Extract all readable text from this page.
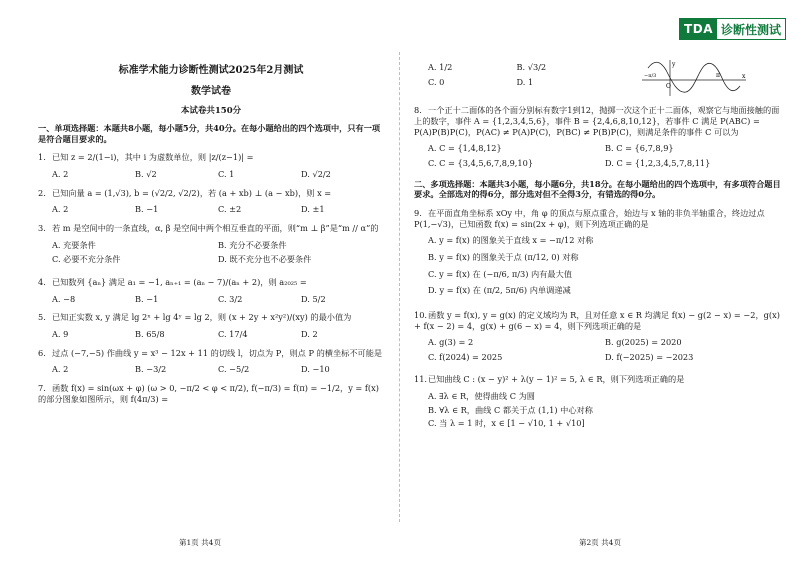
TDA 诊断性测试
标准学术能力诊断性测试2025年2月测试
数学试卷
本试卷共150分
一、单项选择题：本题共8小题，每小题5分，共40分。在每小题给出的四个选项中，只有一项是符合题目要求的。
1. 已知 z = 2/(1−i)，其中 i 为虚数单位，则 |z/(z−1)| =
A. 2	B. √2	C. 1	D. √2/2
2. 已知向量 a = (1,√3), b = (√2/2, √2/2)，若 (a + xb) ⊥ (a − xb)，则 x =
A. 2	B. −1	C. ±2	D. ±1
3. 若 m 是空间中的一条直线，α, β 是空间中两个相互垂直的平面，则“m ⊥ β”是“m // α”的
A. 充要条件	B. 充分不必要条件
C. 必要不充分条件	D. 既不充分也不必要条件
4. 已知数列 {aₙ} 满足 a₁ = −1, aₙ₊₁ = (aₙ − 7)/(aₙ + 2)，则 a₂₀₂₅ =
A. −8	B. −1	C. 3/2	D. 5/2
5. 已知正实数 x, y 满足 lg 2ˣ + lg 4ʸ = lg 2，则 (x + 2y + x²y²)/(xy) 的最小值为
A. 9	B. 65/8	C. 17/4	D. 2
6. 过点 (−7,−5) 作曲线 y = x³ − 12x + 11 的切线 l，切点为 P，则点 P 的横坐标不可能是
A. 2	B. −3/2	C. −5/2	D. −10
7. 函数 f(x) = sin(ωx + φ) (ω > 0, −π/2 < φ < π/2), f(−π/3) = f(π) = −1/2，y = f(x) 的部分图象如图所示，则 f(4π/3) =
第1页 共4页
A. 1/2	B. √3/2
C. 0	D. 1	O
y
x
π
−π/3
8. 一个正十二面体的各个面分别标有数字1到12，抛掷一次这个正十二面体，观察它与地面接触的面上的数字，事件 A = {1,2,3,4,5,6}，事件 B = {2,4,6,8,10,12}，若事件 C 满足 P(ABC) = P(A)P(B)P(C)，P(AC) ≠ P(A)P(C)，P(BC) ≠ P(B)P(C)，则满足条件的事件 C 可以为
A. C = {1,4,8,12}	B. C = {6,7,8,9}
C. C = {3,4,5,6,7,8,9,10}	D. C = {1,2,3,4,5,7,8,11}
二、多项选择题：本题共3小题，每小题6分，共18分。在每小题给出的四个选项中，有多项符合题目要求。全部选对的得6分，部分选对但不全得3分，有错选的得0分。
9. 在平面直角坐标系 xOy 中，角 φ 的顶点与原点重合，始边与 x 轴的非负半轴重合，终边过点 P(1,−√3)，已知函数 f(x) = sin(2x + φ)，则下列选项正确的是
A. y = f(x) 的图象关于直线 x = −π/12 对称
B. y = f(x) 的图象关于点 (π/12, 0) 对称
C. y = f(x) 在 (−π/6, π/3) 内有最大值
D. y = f(x) 在 (π/2, 5π/6) 内单调递减
10.函数 y = f(x), y = g(x) 的定义域均为 R，且对任意 x ∈ R 均满足 f(x) − g(2 − x) = −2，g(x) + f(x − 2) = 4，g(x) + g(6 − x) = 4，则下列选项正确的是
A. g(3) = 2	B. g(2025) = 2020
C. f(2024) = 2025	D. f(−2025) = −2023
11.已知曲线 C : (x − y)² + λ(y − 1)² = 5, λ ∈ R，则下列选项正确的是
A. ∃λ ∈ R，使得曲线 C 为圆
B. ∀λ ∈ R，曲线 C 都关于点 (1,1) 中心对称
C. 当 λ = 1 时，x ∈ [1 − √10, 1 + √10]
第2页 共4页
